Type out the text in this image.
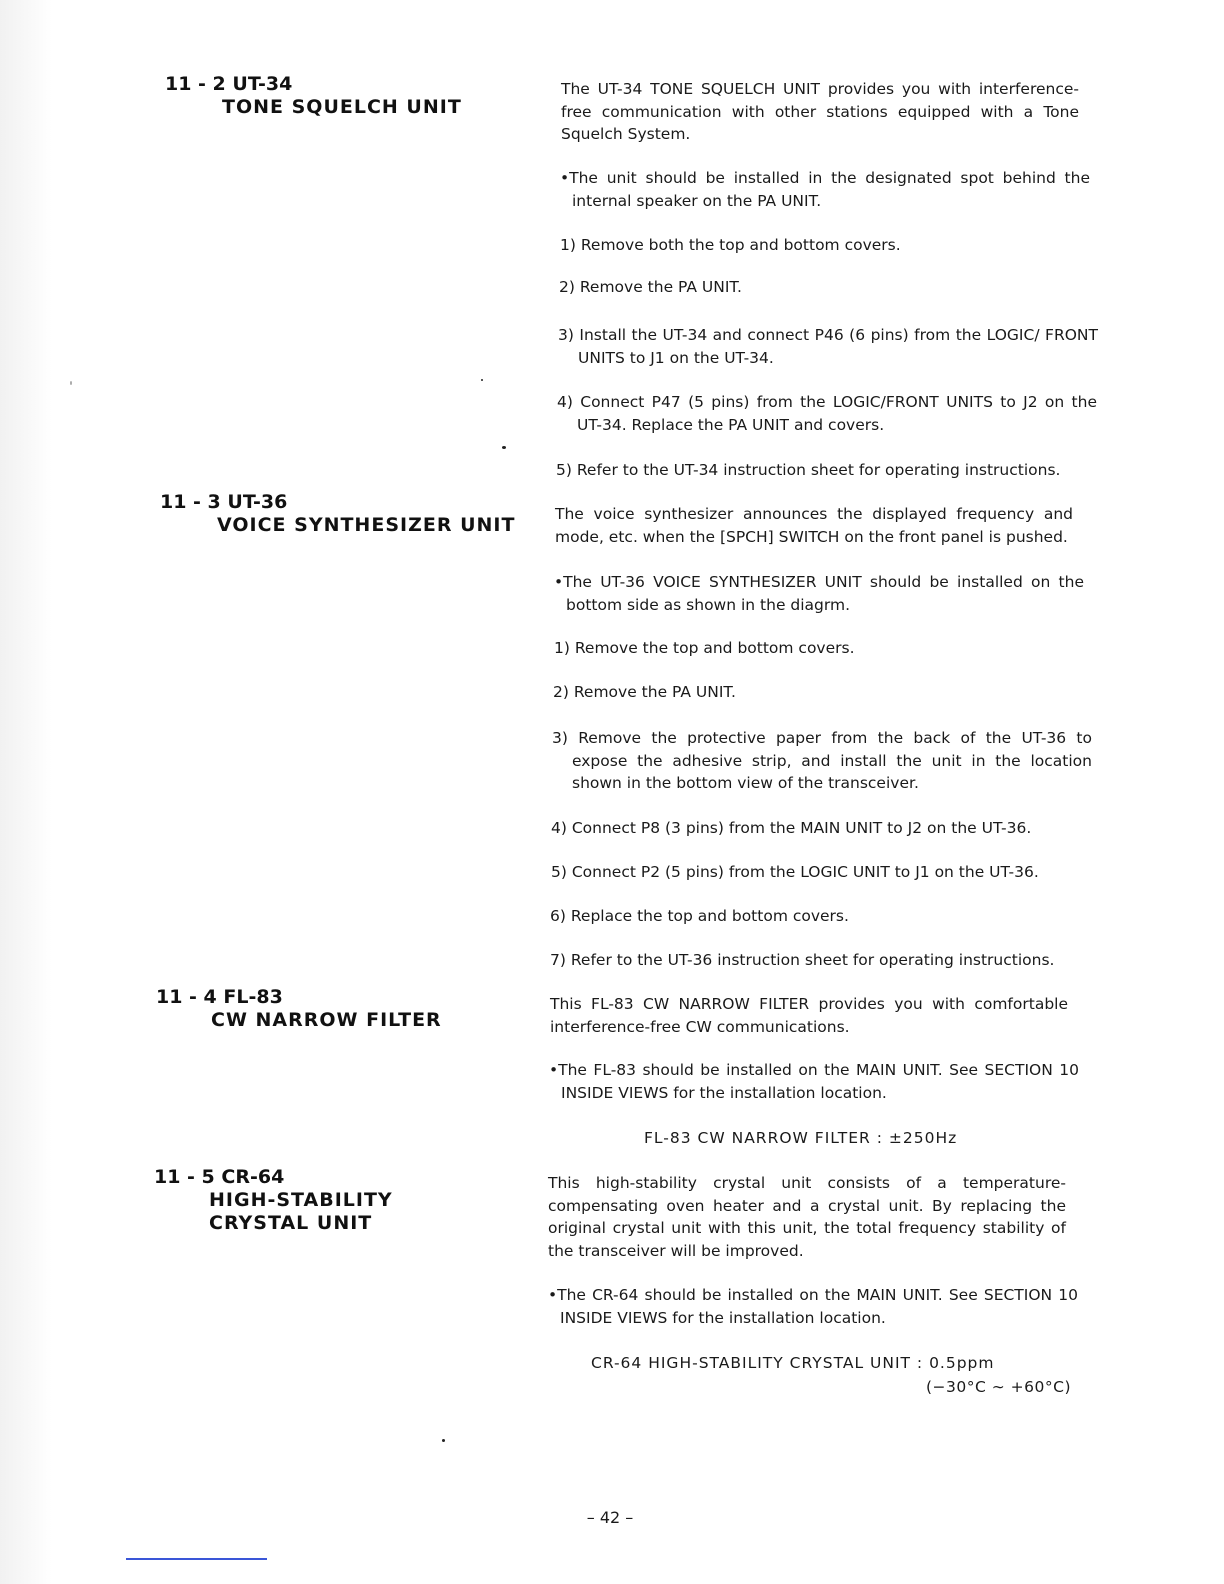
11 - 2 UT-34
TONE SQUELCH UNIT

The UT-34 TONE SQUELCH UNIT provides you with interference-free communication with other stations equipped with a Tone Squelch System.

•The unit should be installed in the designated spot behind the internal speaker on the PA UNIT.

1) Remove both the top and bottom covers.

2) Remove the PA UNIT.

3) Install the UT-34 and connect P46 (6 pins) from the LOGIC/ FRONT UNITS to J1 on the UT-34.

4) Connect P47 (5 pins) from the LOGIC/FRONT UNITS to J2 on the UT-34. Replace the PA UNIT and covers.

5) Refer to the UT-34 instruction sheet for operating instructions.

11 - 3 UT-36
VOICE SYNTHESIZER UNIT	The voice synthesizer announces the displayed frequency and mode, etc. when the [SPCH] SWITCH on the front panel is pushed.

•The UT-36 VOICE SYNTHESIZER UNIT should be installed on the bottom side as shown in the diagrm.

1) Remove the top and bottom covers.

2) Remove the PA UNIT.

3) Remove the protective paper from the back of the UT-36 to expose the adhesive strip, and install the unit in the location shown in the bottom view of the transceiver.

4) Connect P8 (3 pins) from the MAIN UNIT to J2 on the UT-36.

5) Connect P2 (5 pins) from the LOGIC UNIT to J1 on the UT-36.

6) Replace the top and bottom covers.

7) Refer to the UT-36 instruction sheet for operating instructions.

11 - 4 FL-83
CW NARROW FILTER

This FL-83 CW NARROW FILTER provides you with comfortable interference-free CW communications.

•The FL-83 should be installed on the MAIN UNIT. See SECTION 10 INSIDE VIEWS for the installation location.

FL-83 CW NARROW FILTER : ±250Hz
11 - 5 CR-64
HIGH-STABILITY
CRYSTAL UNIT

This high-stability crystal unit consists of a temperature-compensating oven heater and a crystal unit. By replacing the original crystal unit with this unit, the total frequency stability of the transceiver will be improved.

•The CR-64 should be installed on the MAIN UNIT. See SECTION 10 INSIDE VIEWS for the installation location.

CR-64 HIGH-STABILITY CRYSTAL UNIT : 0.5ppm
(−30°C ∼ +60°C)
– 42 –
